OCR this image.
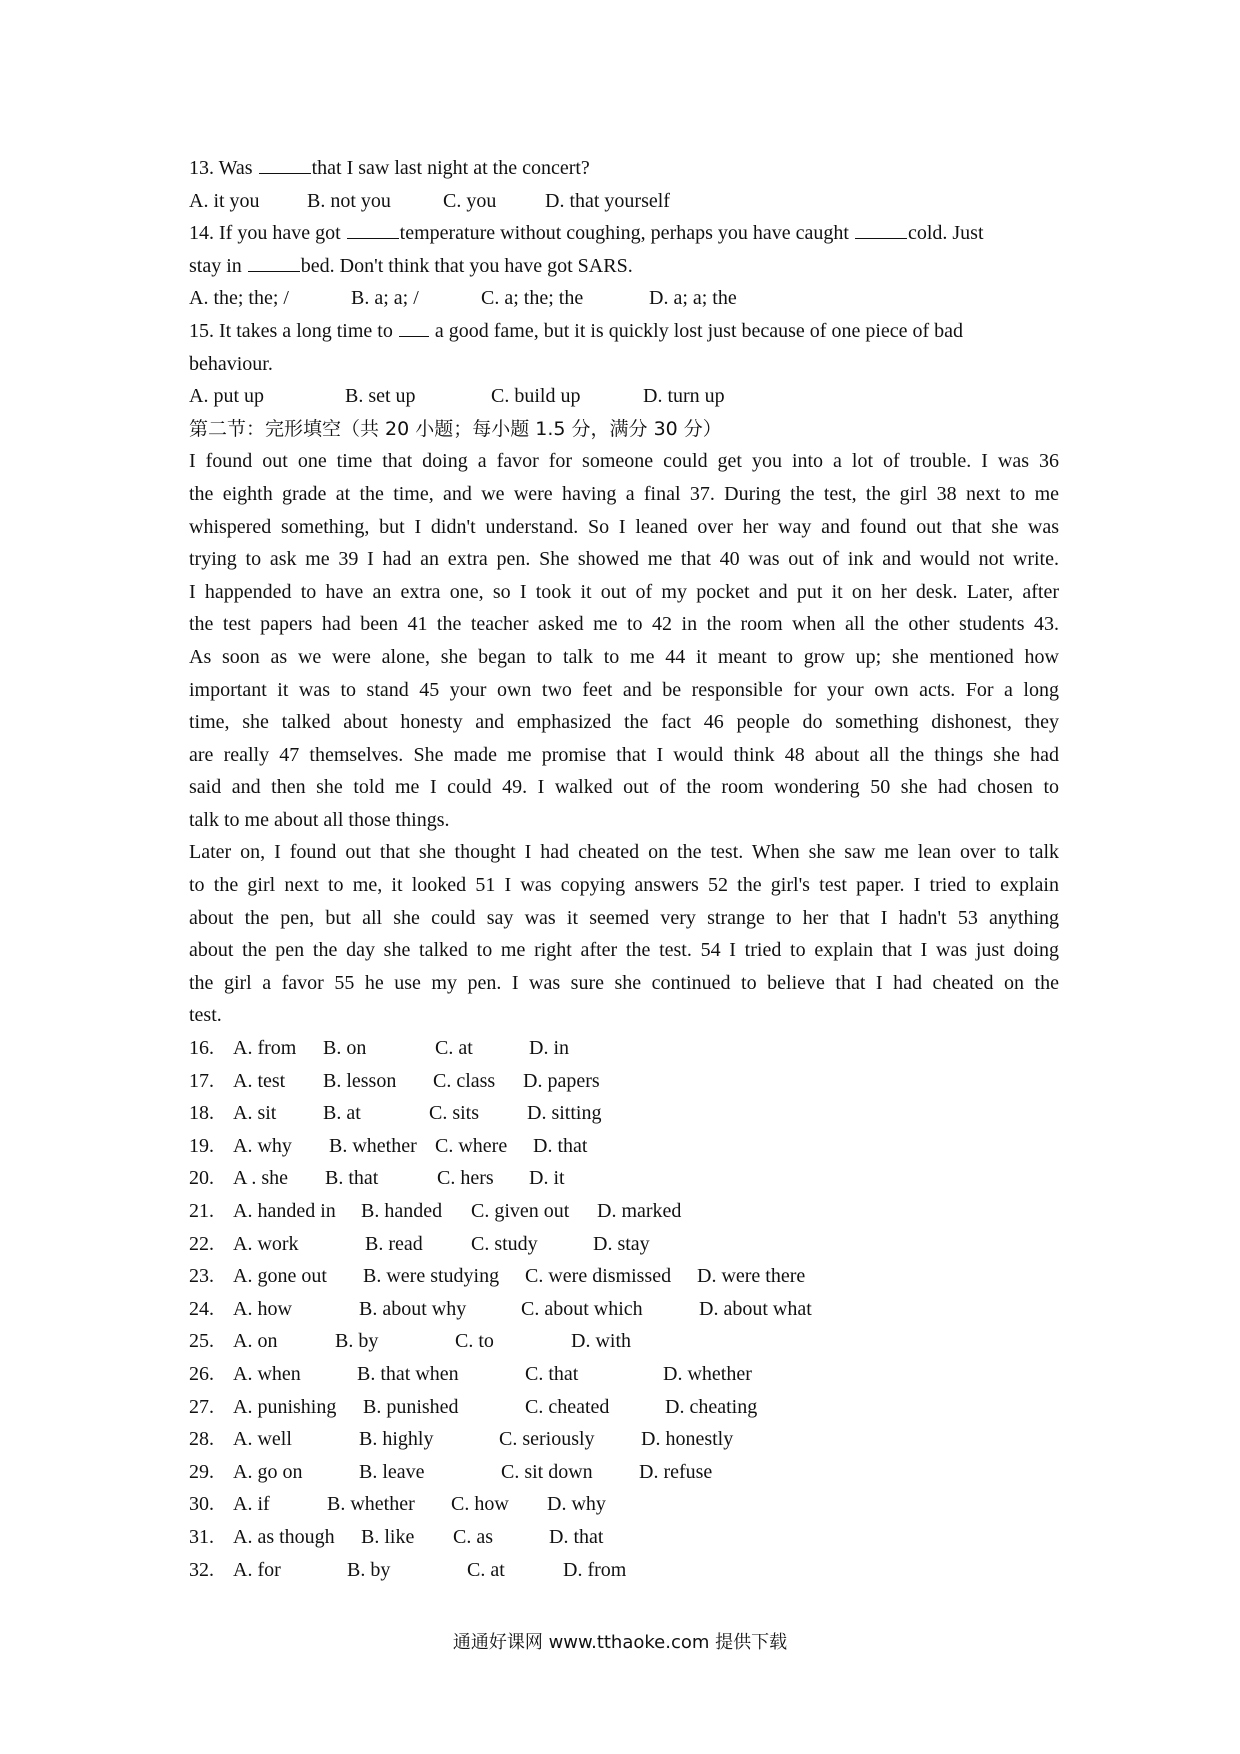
13. Was	that I saw last night at the concert?
A. it you B. not you	C. you D. that yourself
14. If you have got	temperature without coughing, perhaps you have caught	cold. Just
stay in	bed. Don't think that you have got SARS.
A. the; the; /	B. a; a; /	C. a; the; the	D. a; a; the
15. It takes a long time to  a good fame, but it is quickly lost just because of one piece of bad
behaviour.
A. put up	B. set up	C. build up	D. turn up
第二节：完形填空（共 20 小题；每小题 1.5 分，满分 30 分）
I found out one time that doing a favor for someone could get you into a lot of trouble. I was 36
the eighth grade at the time, and we were having a final 37. During the test, the girl 38 next to me
whispered something, but I didn't understand. So I leaned over her way and found out that she was
trying to ask me 39 I had an extra pen. She showed me that 40 was out of ink and would not write.
I happended to have an extra one, so I took it out of my pocket and put it on her desk. Later, after
the test papers had been 41 the teacher asked me to 42 in the room when all the other students 43.
As soon as we were alone, she began to talk to me 44 it meant to grow up; she mentioned how
important it was to stand 45 your own two feet and be responsible for your own acts. For a long
time, she talked about honesty and emphasized the fact 46 people do something dishonest, they
are really 47 themselves. She made me promise that I would think 48 about all the things she had
said and then she told me I could 49. I walked out of the room wondering 50 she had chosen to
talk to me about all those things.
Later on, I found out that she thought I had cheated on the test. When she saw me lean over to talk
to the girl next to me, it looked 51 I was copying answers 52 the girl's test paper. I tried to explain
about the pen, but all she could say was it seemed very strange to her that I hadn't 53 anything
about the pen the day she talked to me right after the test. 54 I tried to explain that I was just doing
the girl a favor 55 he use my pen. I was sure she continued to believe that I had cheated on the
test.
16. A. from B. on	C. at	D. in
17. A. test B. lesson C. class D. papers
18. A. sit B. at	C. sits D. sitting
19. A. why B. whether C. where D. that
20. A . she B. that	C. hers D. it
21. A. handed in B. handed C. given out D. marked
22. A. work	B. read C. study	D. stay
23. A. gone out B. were studying C. were dismissed D. were there
24. A. how	B. about why	C. about which	D. about what
25. A. on	B. by	C. to	D. with
26. A. when	B. that when	C. that	D. whether
27. A. punishing B. punished	C. cheated	D. cheating
28. A. well	B. highly	C. seriously D. honestly
29. A. go on	B. leave	C. sit down D. refuse
30. A. if	B. whether C. how D. why
31. A. as though B. like C. as	D. that
32. A. for	B. by	C. at	D. from
通通好课网 www.tthaoke.com 提供下载
